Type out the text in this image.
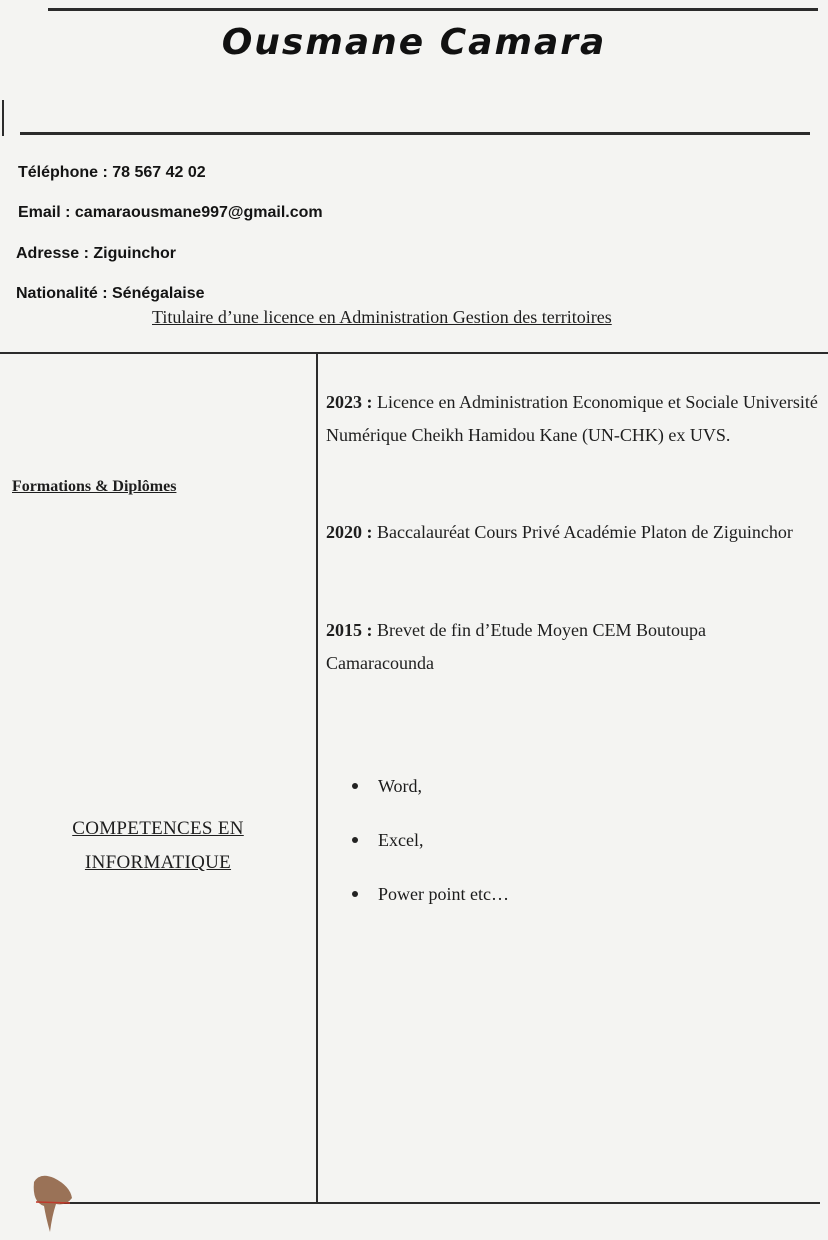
Ousmane Camara
Téléphone : 78 567 42 02
Email : camaraousmane997@gmail.com
Adresse : Ziguinchor
Nationalité : Sénégalaise
Titulaire d’une licence en Administration Gestion des territoires
Formations & Diplômes
COMPETENCES EN
INFORMATIQUE
2023 : Licence en Administration Economique et Sociale Université Numérique Cheikh Hamidou Kane (UN-CHK) ex UVS.
2020 : Baccalauréat Cours Privé Académie Platon de Ziguinchor
2015 : Brevet de fin d’Etude Moyen CEM Boutoupa Camaracounda
Word,
Excel,
Power point etc…
